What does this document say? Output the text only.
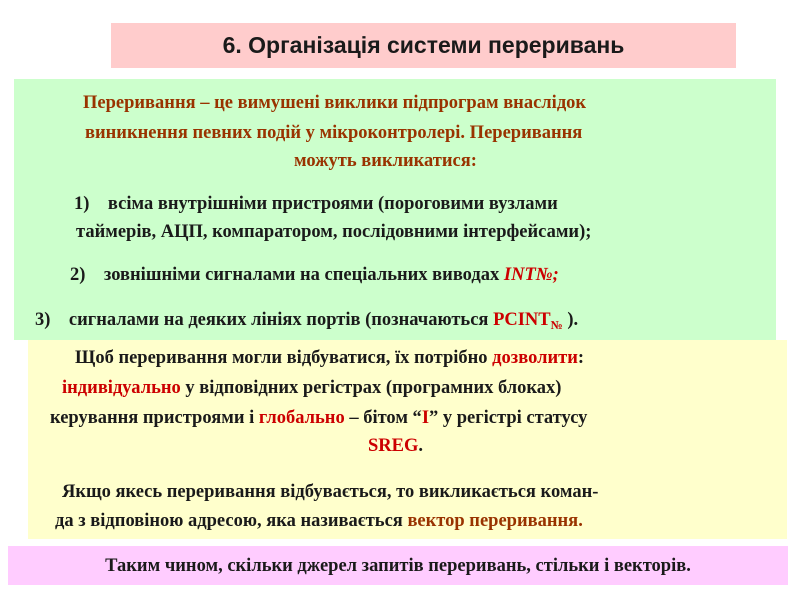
6. Організація системи переривань
Переривання – це вимушені виклики підпрограм внаслідок
виникнення певних подій у мікроконтролері. Переривання
можуть викликатися:
1) всіма внутрішніми пристроями (пороговими вузлами
таймерів, АЦП, компаратором, послідовними інтерфейсами);
2) зовнішніми сигналами на спеціальних виводах INT№;
3) сигналами на деяких лініях портів (позначаються $PCINT_№$ ).
Щоб переривання могли відбуватися, їх потрібно дозволити:
індивідуально у відповідних регістрах (програмних блоках)
керування пристроями і глобально – бітом “І” у регістрі статусу
SREG.
Якщо якесь переривання відбувається, то викликається коман-
да з відповіною адресою, яка називається вектор переривання.
Таким чином, скільки джерел запитів переривань, стільки і векторів.
